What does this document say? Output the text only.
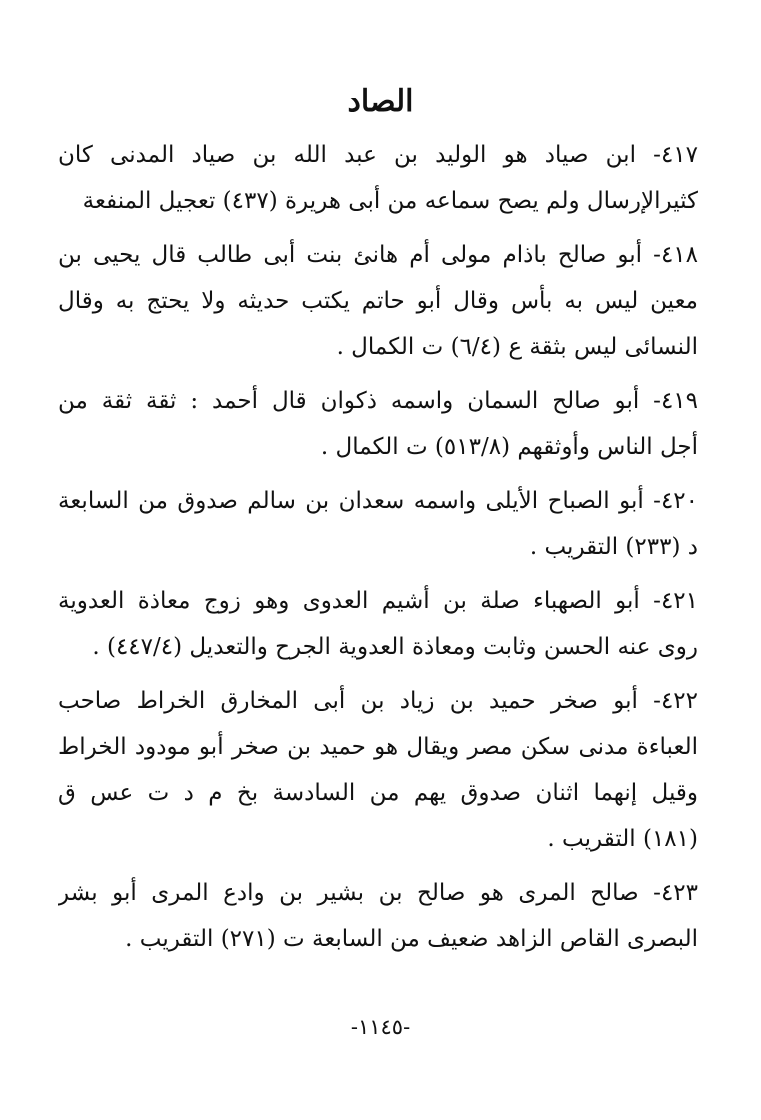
الصاد
٤١٧- ابن صياد هو الوليد بن عبد الله بن صياد المدنى كان
كثيرالإرسال ولم يصح سماعه من أبى هريرة (٤٣٧) تعجيل المنفعة
٤١٨- أبو صالح باذام مولى أم هانئ بنت أبى طالب قال يحيى بن
معين ليس به بأس وقال أبو حاتم يكتب حديثه ولا يحتج به وقال
النسائى ليس بثقة ع (٦/٤) ت الكمال .
٤١٩- أبو صالح السمان واسمه ذكوان قال أحمد : ثقة ثقة من
أجل الناس وأوثقهم (٥١٣/٨) ت الكمال .
٤٢٠- أبو الصباح الأيلى واسمه سعدان بن سالم صدوق من السابعة
د (٢٣٣) التقريب .
٤٢١- أبو الصهباء صلة بن أشيم العدوى وهو زوج معاذة العدوية
روى عنه الحسن وثابت ومعاذة العدوية الجرح والتعديل (٤٤٧/٤) .
٤٢٢- أبو صخر حميد بن زياد بن أبى المخارق الخراط صاحب
العباءة مدنى سكن مصر ويقال هو حميد بن صخر أبو مودود الخراط
وقيل إنهما اثنان صدوق يهم من السادسة بخ م د ت عس ق
(١٨١) التقريب .
٤٢٣- صالح المرى هو صالح بن بشير بن وادع المرى أبو بشر
البصرى القاص الزاهد ضعيف من السابعة ت (٢٧١) التقريب .
-١١٤٥-
